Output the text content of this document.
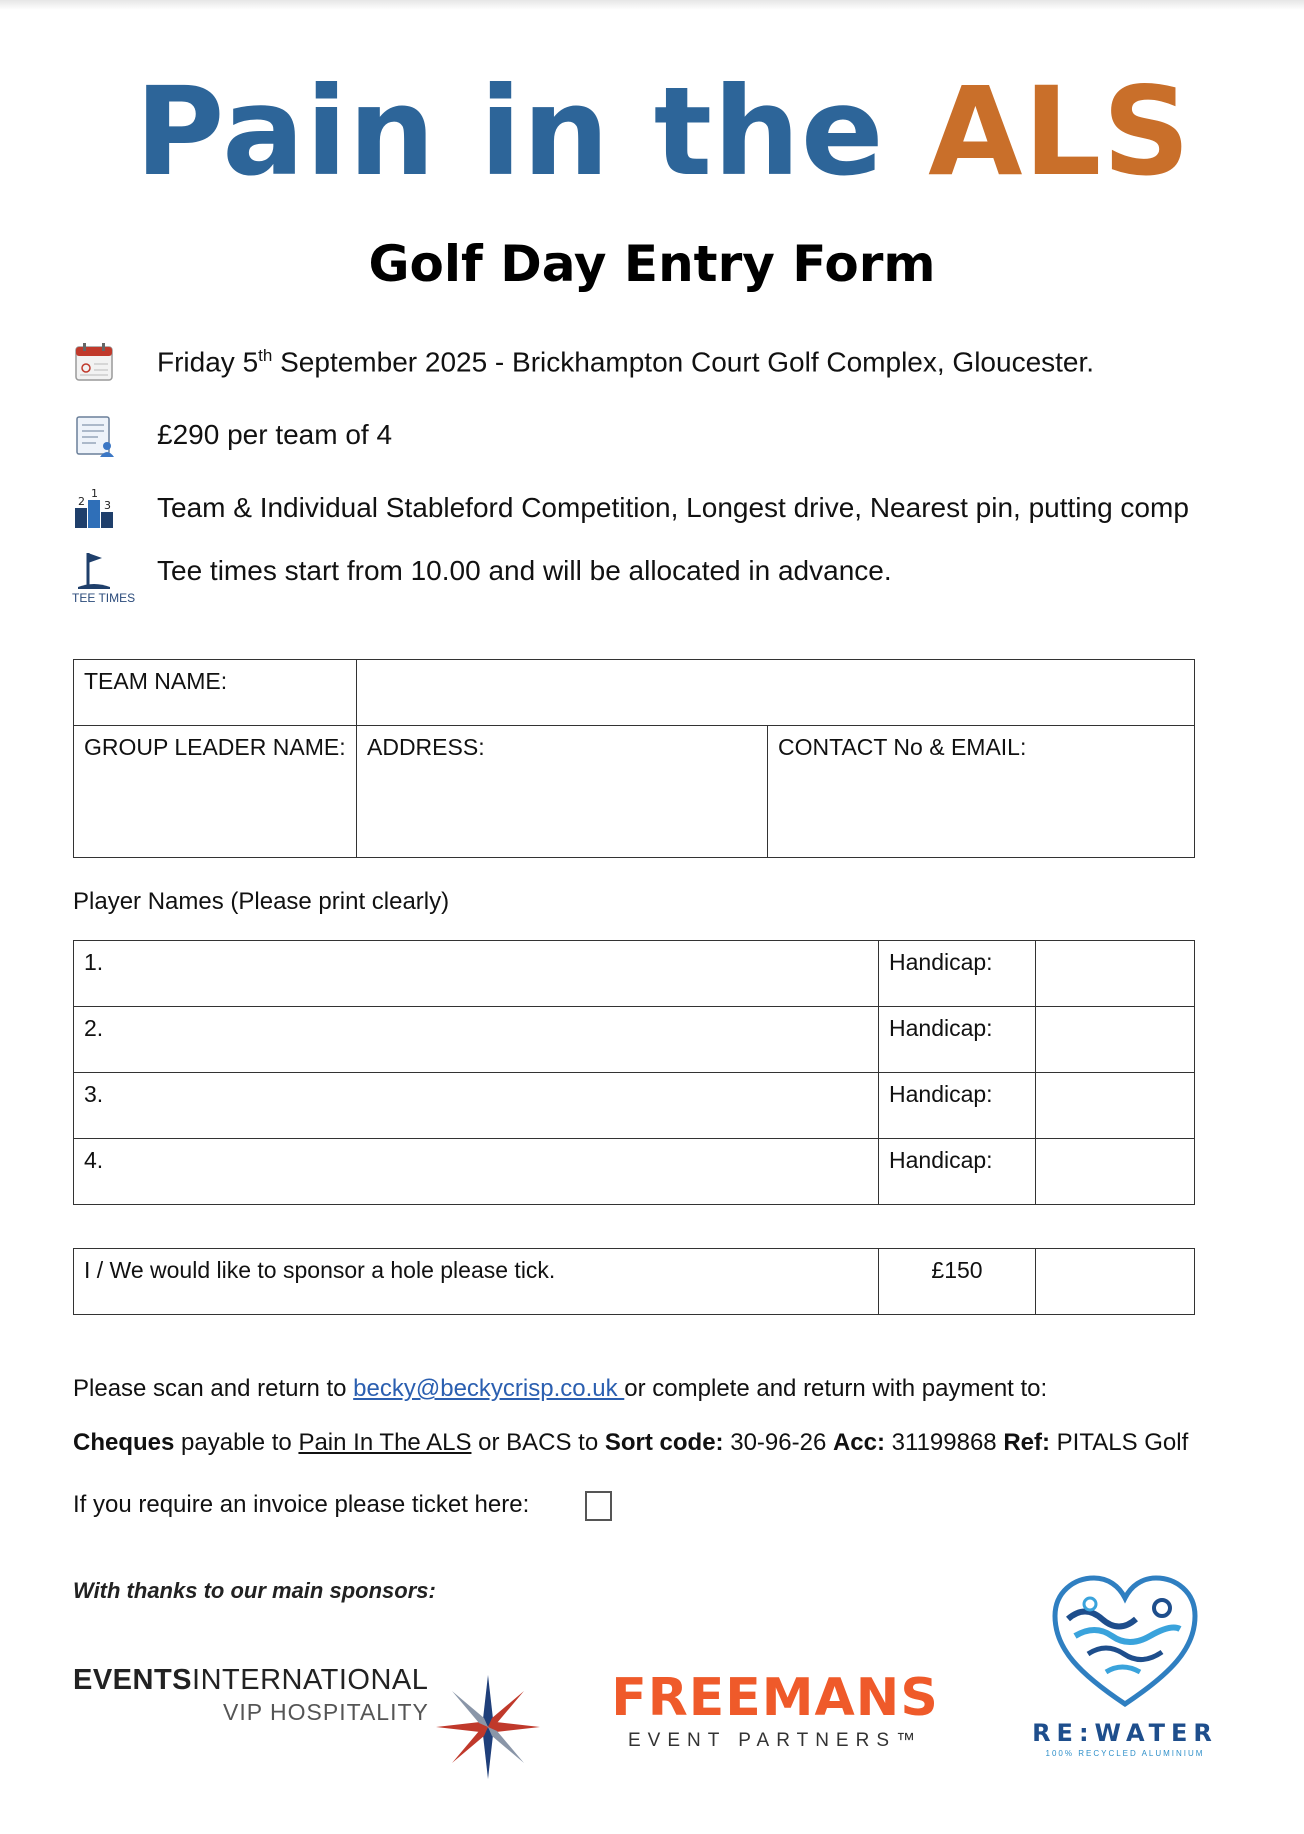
Pain in the ALS
Golf Day Entry Form
Friday 5th September 2025 - Brickhampton Court Golf Complex, Gloucester.
£290 per team of 4
2
1
3 Team & Individual Stableford Competition, Longest drive, Nearest pin, putting comp
Tee times start from 10.00 and will be allocated in advance.
TEE TIMES
TEAM NAME:		
GROUP LEADER NAME:	ADDRESS:	CONTACT No & EMAIL:
Player Names (Please print clearly)
1.	Handicap:	
2.	Handicap:	
3.	Handicap:	
4.	Handicap:	
I / We would like to sponsor a hole please tick.	£150	
Please scan and return to becky@beckycrisp.co.uk or complete and return with payment to:
Cheques payable to Pain In The ALS or BACS to Sort code: 30-96-26 Acc: 31199868 Ref: PITALS Golf
If you require an invoice please ticket here:
With thanks to our main sponsors:
EVENTSINTERNATIONAL
VIP HOSPITALITY	FREEMANS
EVENT PARTNERS™	RE:WATER
100% RECYCLED ALUMINIUM
